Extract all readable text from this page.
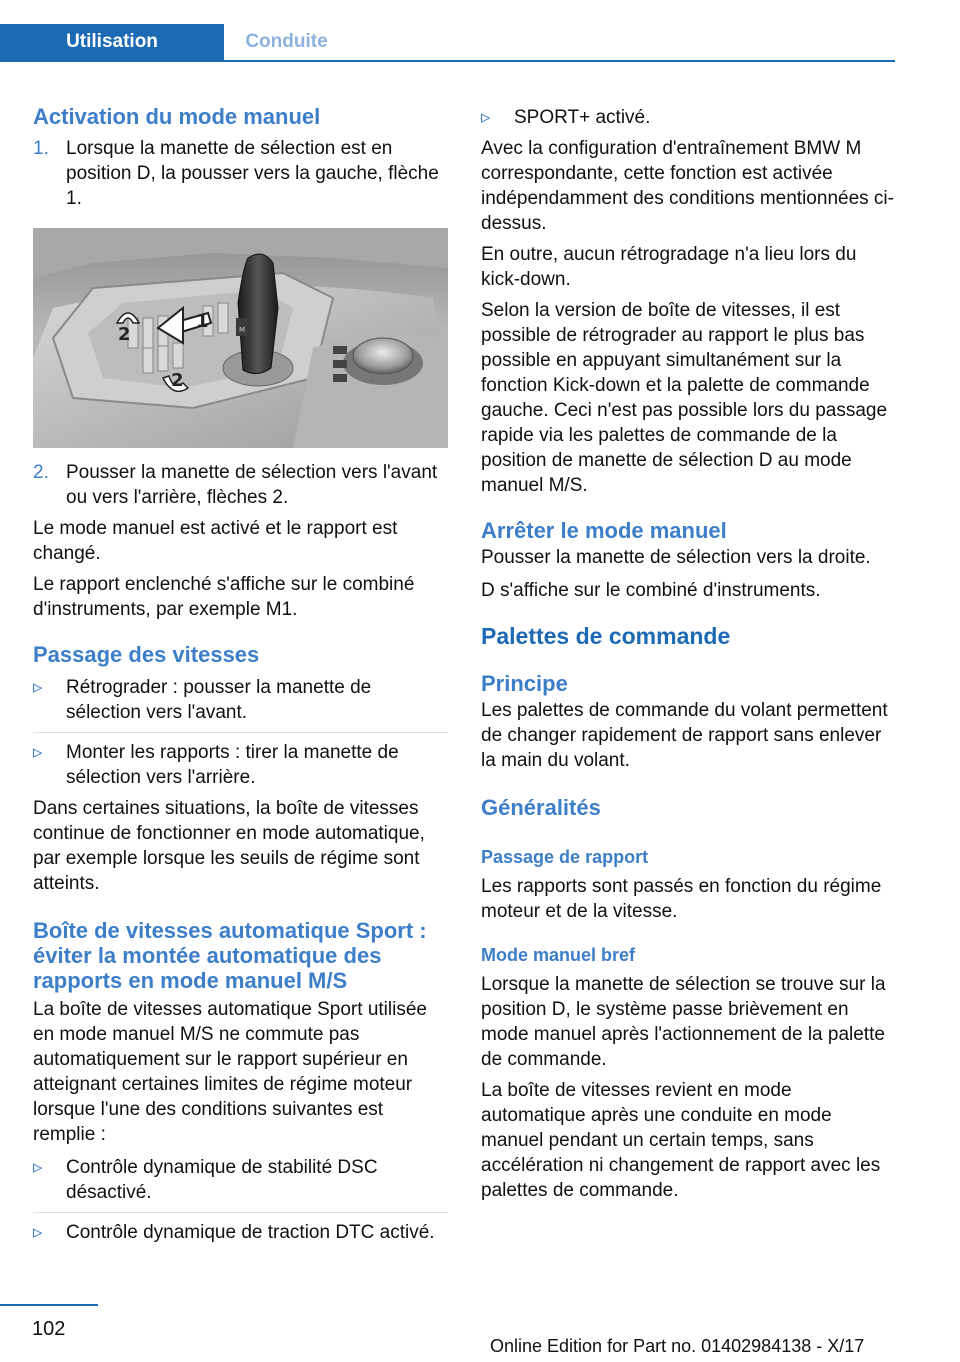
Utilisation	Conduite
Activation du mode manuel
1. Lorsque la manette de sélection est en position D, la pousser vers la gauche, flèche 1.
M
1
2
2
2. Pousser la manette de sélection vers l'avant ou vers l'arrière, flèches 2.

Le mode manuel est activé et le rapport est changé.

Le rapport enclenché s'affiche sur le combiné d'instruments, par exemple M1.

Passage des vitesses
▹ Rétrograder : pousser la manette de sélection vers l'avant.
▹ Monter les rapports : tirer la manette de sélection vers l'arrière.

Dans certaines situations, la boîte de vitesses continue de fonctionner en mode automatique, par exemple lorsque les seuils de régime sont atteints.

Boîte de vitesses automatique Sport : éviter la montée automatique des rapports en mode manuel M/S

La boîte de vitesses automatique Sport utilisée en mode manuel M/S ne commute pas automatiquement sur le rapport supérieur en atteignant certaines limites de régime moteur lorsque l'une des conditions suivantes est remplie :

▹ Contrôle dynamique de stabilité DSC désactivé.
▹ Contrôle dynamique de traction DTC activé.
▹ SPORT+ activé.

Avec la configuration d'entraînement BMW M correspondante, cette fonction est activée indépendamment des conditions mentionnées ci-dessus.

En outre, aucun rétrogradage n'a lieu lors du kick-down.

Selon la version de boîte de vitesses, il est possible de rétrograder au rapport le plus bas possible en appuyant simultanément sur la fonction Kick-down et la palette de commande gauche. Ceci n'est pas possible lors du passage rapide via les palettes de commande de la position de manette de sélection D au mode manuel M/S.

Arrêter le mode manuel

Pousser la manette de sélection vers la droite.

D s'affiche sur le combiné d'instruments.

Palettes de commande
Principe

Les palettes de commande du volant permettent de changer rapidement de rapport sans enlever la main du volant.

Généralités
Passage de rapport

Les rapports sont passés en fonction du régime moteur et de la vitesse.

Mode manuel bref

Lorsque la manette de sélection se trouve sur la position D, le système passe brièvement en mode manuel après l'actionnement de la palette de commande.

La boîte de vitesses revient en mode automatique après une conduite en mode manuel pendant un certain temps, sans accélération ni changement de rapport avec les palettes de commande.

102
Online Edition for Part no. 01402984138 - X/17
